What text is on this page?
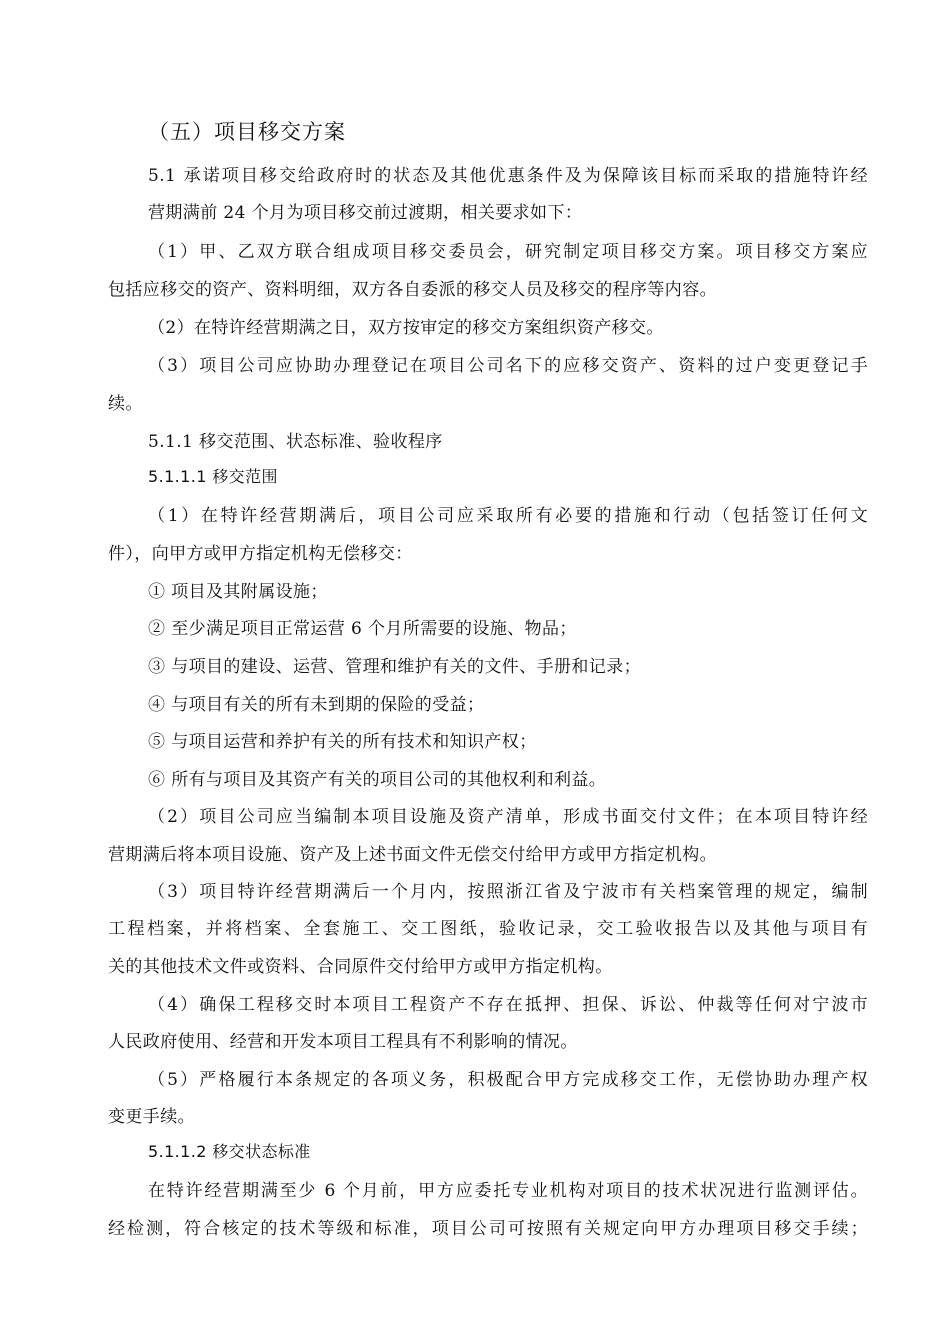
（五）项目移交方案
5.1 承诺项目移交给政府时的状态及其他优惠条件及为保障该目标而采取的措施特许经
营期满前 24 个月为项目移交前过渡期，相关要求如下：
（1）甲、乙双方联合组成项目移交委员会，研究制定项目移交方案。项目移交方案应
包括应移交的资产、资料明细，双方各自委派的移交人员及移交的程序等内容。
（2）在特许经营期满之日，双方按审定的移交方案组织资产移交。
（3）项目公司应协助办理登记在项目公司名下的应移交资产、资料的过户变更登记手
续。
5.1.1 移交范围、状态标准、验收程序
5.1.1.1 移交范围
（1）在特许经营期满后，项目公司应采取所有必要的措施和行动（包括签订任何文
件），向甲方或甲方指定机构无偿移交：
① 项目及其附属设施；
② 至少满足项目正常运营 6 个月所需要的设施、物品；
③ 与项目的建设、运营、管理和维护有关的文件、手册和记录；
④ 与项目有关的所有未到期的保险的受益；
⑤ 与项目运营和养护有关的所有技术和知识产权；
⑥ 所有与项目及其资产有关的项目公司的其他权利和利益。
（2）项目公司应当编制本项目设施及资产清单，形成书面交付文件；在本项目特许经
营期满后将本项目设施、资产及上述书面文件无偿交付给甲方或甲方指定机构。
（3）项目特许经营期满后一个月内，按照浙江省及宁波市有关档案管理的规定，编制
工程档案，并将档案、全套施工、交工图纸，验收记录，交工验收报告以及其他与项目有
关的其他技术文件或资料、合同原件交付给甲方或甲方指定机构。
（4）确保工程移交时本项目工程资产不存在抵押、担保、诉讼、仲裁等任何对宁波市
人民政府使用、经营和开发本项目工程具有不利影响的情况。
（5）严格履行本条规定的各项义务，积极配合甲方完成移交工作，无偿协助办理产权
变更手续。
5.1.1.2 移交状态标准
在特许经营期满至少 6 个月前，甲方应委托专业机构对项目的技术状况进行监测评估。
经检测，符合核定的技术等级和标准，项目公司可按照有关规定向甲方办理项目移交手续；
